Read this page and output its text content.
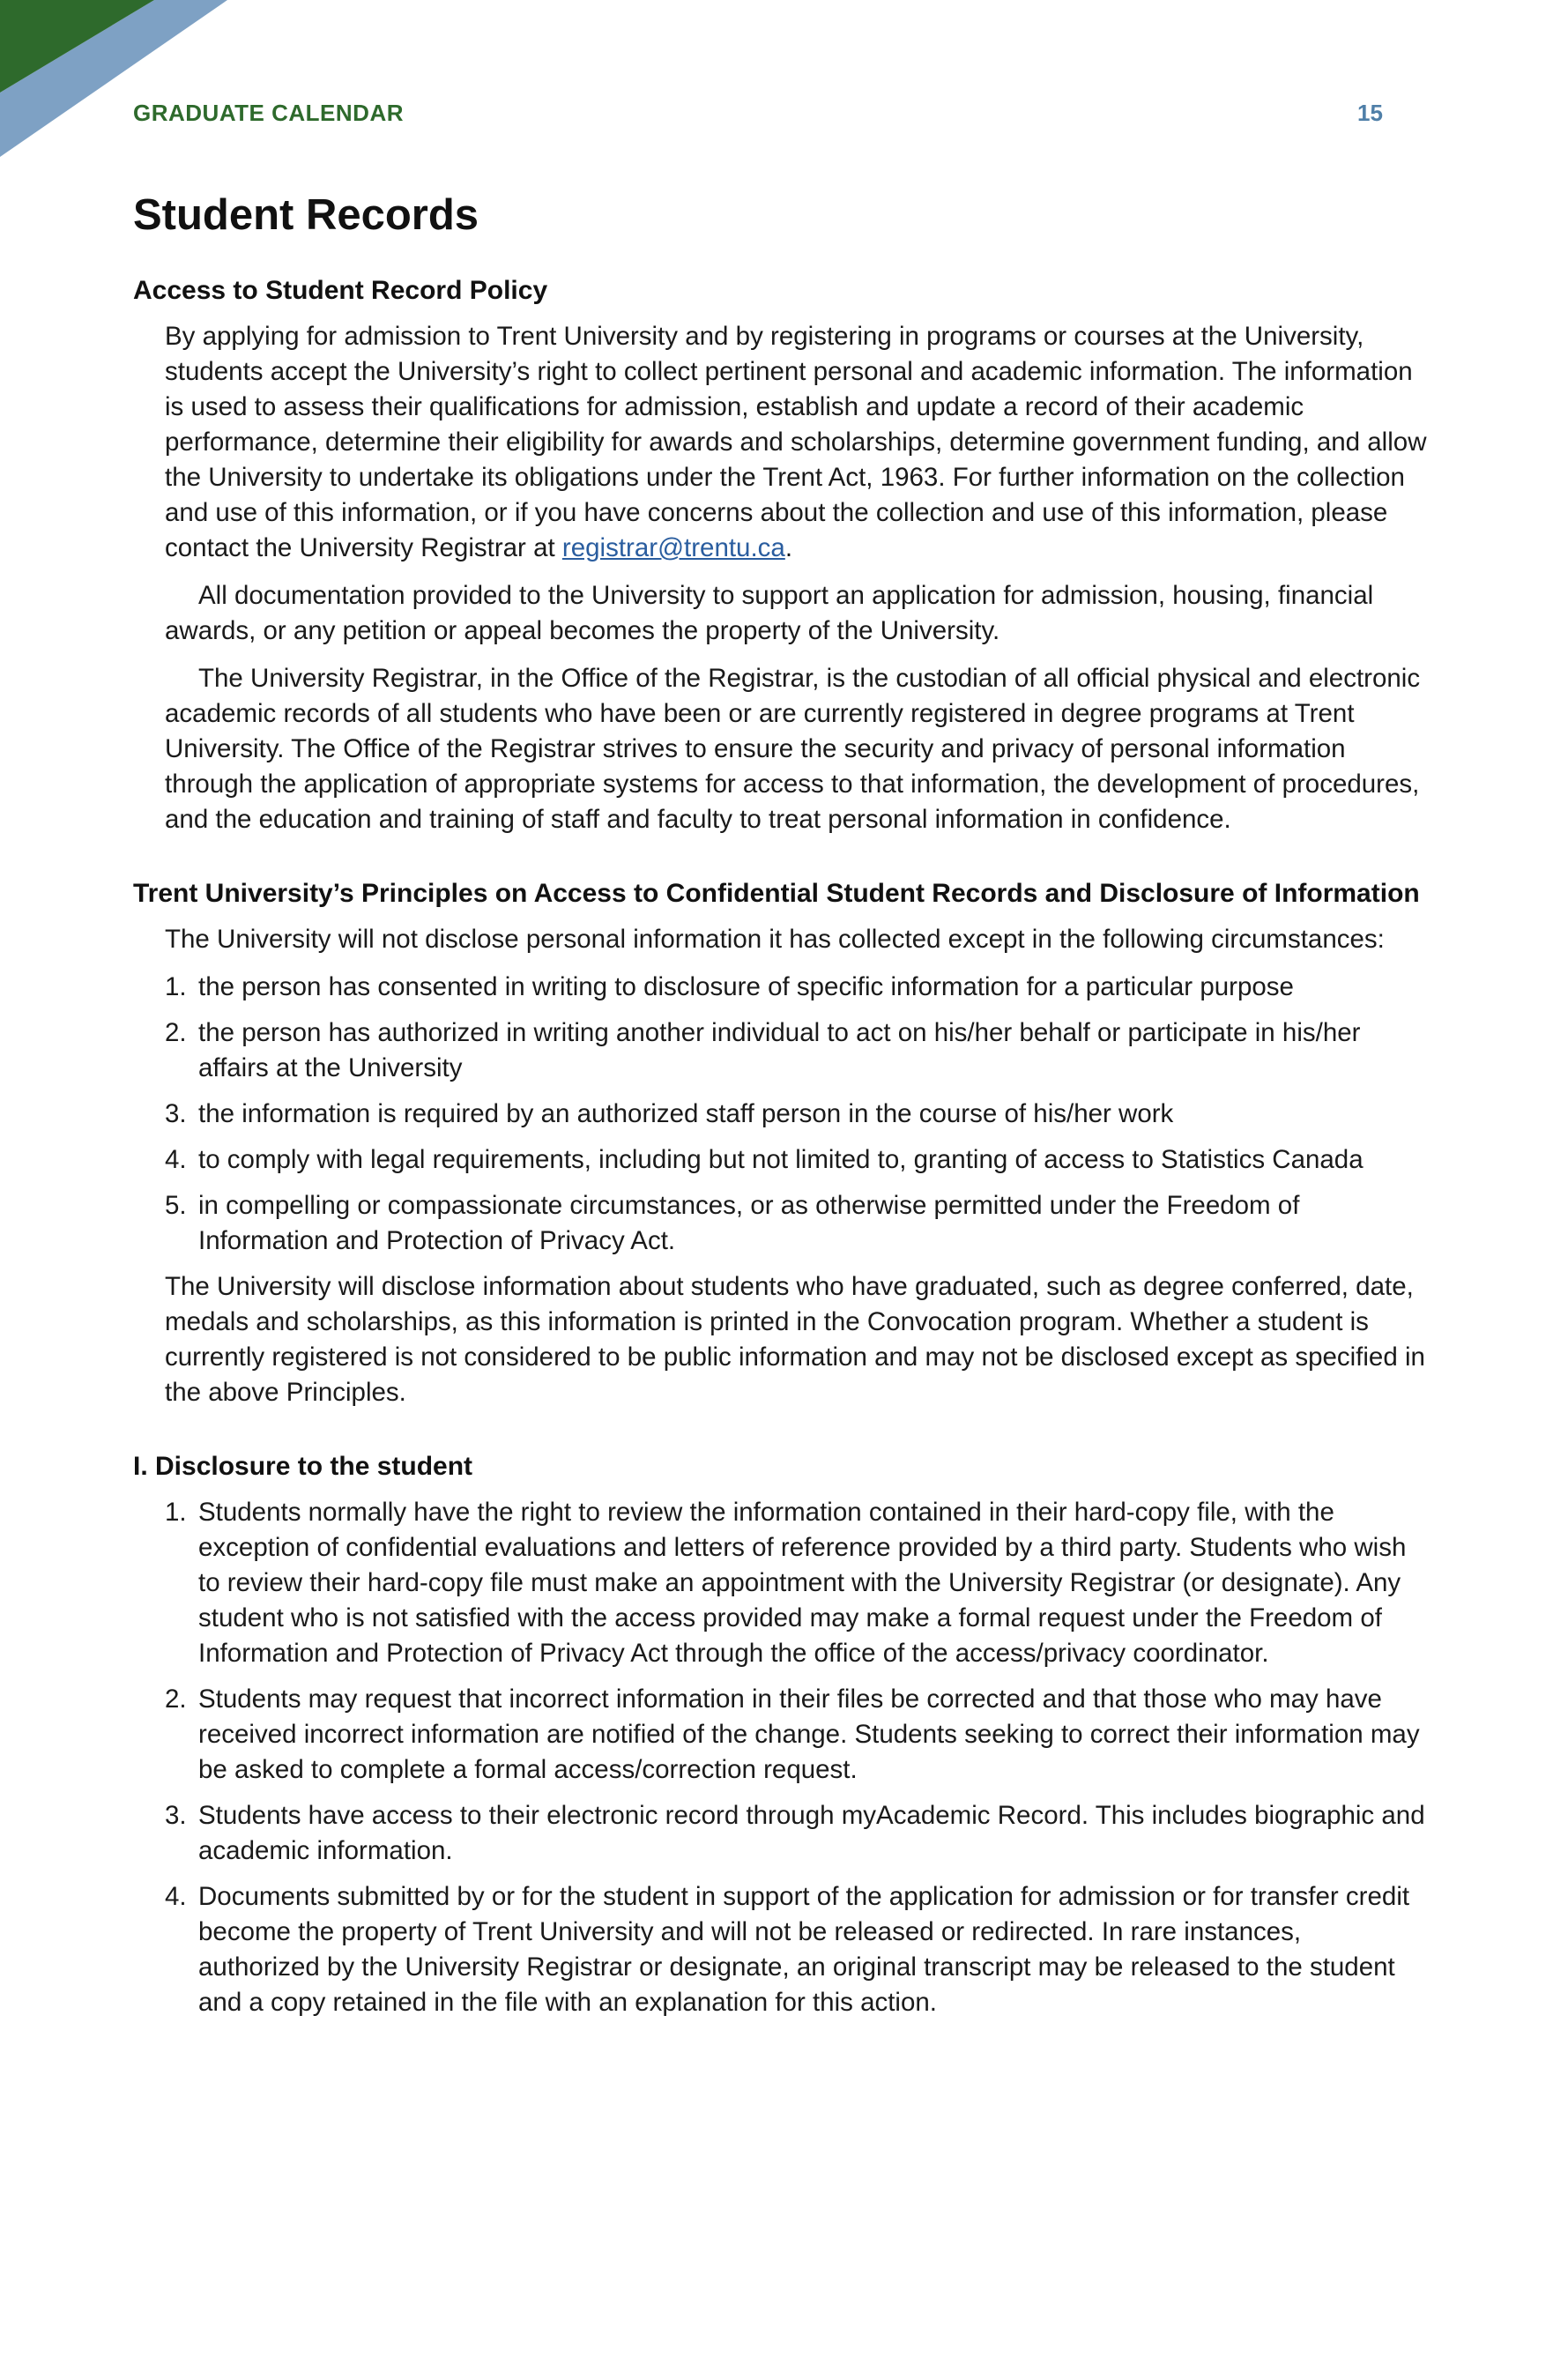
GRADUATE CALENDAR	15
Student Records
Access to Student Record Policy

By applying for admission to Trent University and by registering in programs or courses at the University, students accept the University’s right to collect pertinent personal and academic information. The information is used to assess their qualifications for admission, establish and update a record of their academic performance, determine their eligibility for awards and scholarships, determine government funding, and allow the University to undertake its obligations under the Trent Act, 1963. For further information on the collection and use of this information, or if you have concerns about the collection and use of this information, please contact the University Registrar at registrar@trentu.ca.

All documentation provided to the University to support an application for admission, housing, financial awards, or any petition or appeal becomes the property of the University.

The University Registrar, in the Office of the Registrar, is the custodian of all official physical and electronic academic records of all students who have been or are currently registered in degree programs at Trent University. The Office of the Registrar strives to ensure the security and privacy of personal information through the application of appropriate systems for access to that information, the development of procedures, and the education and training of staff and faculty to treat personal information in confidence.

Trent University’s Principles on Access to Confidential Student Records and Disclosure of Information

The University will not disclose personal information it has collected except in the following circumstances:

1. the person has consented in writing to disclosure of specific information for a particular purpose
2. the person has authorized in writing another individual to act on his/her behalf or participate in his/her affairs at the University
3. the information is required by an authorized staff person in the course of his/her work
4. to comply with legal requirements, including but not limited to, granting of access to Statistics Canada
5. in compelling or compassionate circumstances, or as otherwise permitted under the Freedom of Information and Protection of Privacy Act.

The University will disclose information about students who have graduated, such as degree conferred, date, medals and scholarships, as this information is printed in the Convocation program. Whether a student is currently registered is not considered to be public information and may not be disclosed except as specified in the above Principles.

I. Disclosure to the student
1. Students normally have the right to review the information contained in their hard-copy file, with the exception of confidential evaluations and letters of reference provided by a third party. Students who wish to review their hard-copy file must make an appointment with the University Registrar (or designate). Any student who is not satisfied with the access provided may make a formal request under the Freedom of Information and Protection of Privacy Act through the office of the access/privacy coordinator.
2. Students may request that incorrect information in their files be corrected and that those who may have received incorrect information are notified of the change. Students seeking to correct their information may be asked to complete a formal access/correction request.
3. Students have access to their electronic record through myAcademic Record. This includes biographic and academic information.
4. Documents submitted by or for the student in support of the application for admission or for transfer credit become the property of Trent University and will not be released or redirected. In rare instances, authorized by the University Registrar or designate, an original transcript may be released to the student and a copy retained in the file with an explanation for this action.
